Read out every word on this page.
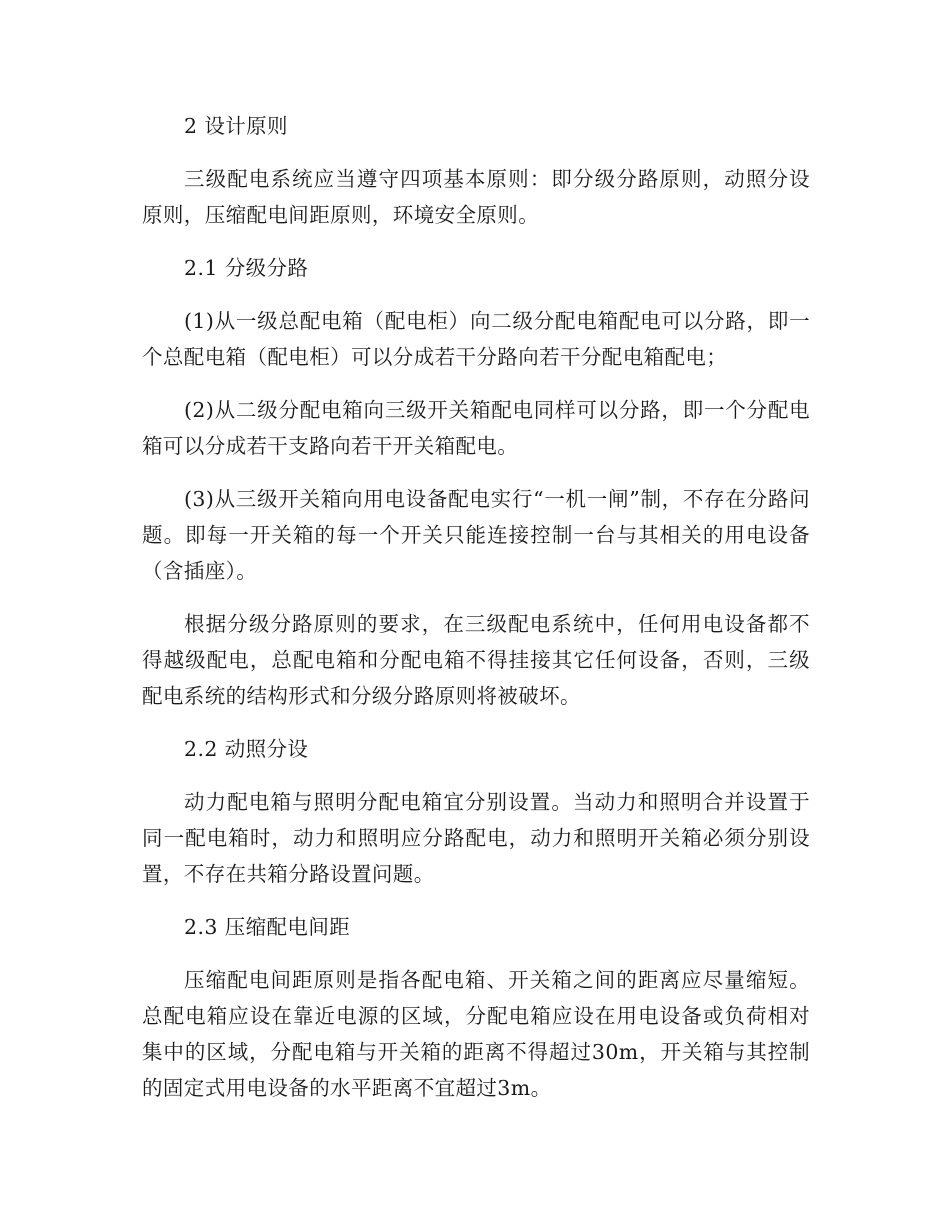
2 设计原则

三级配电系统应当遵守四项基本原则：即分级分路原则，动照分设原则，压缩配电间距原则，环境安全原则。

2.1 分级分路

(1)从一级总配电箱（配电柜）向二级分配电箱配电可以分路，即一个总配电箱（配电柜）可以分成若干分路向若干分配电箱配电；

(2)从二级分配电箱向三级开关箱配电同样可以分路，即一个分配电箱可以分成若干支路向若干开关箱配电。

(3)从三级开关箱向用电设备配电实行“一机一闸”制，不存在分路问题。即每一开关箱的每一个开关只能连接控制一台与其相关的用电设备（含插座）。

根据分级分路原则的要求，在三级配电系统中，任何用电设备都不得越级配电，总配电箱和分配电箱不得挂接其它任何设备，否则，三级配电系统的结构形式和分级分路原则将被破坏。

2.2 动照分设

动力配电箱与照明分配电箱宜分别设置。当动力和照明合并设置于同一配电箱时，动力和照明应分路配电，动力和照明开关箱必须分别设置，不存在共箱分路设置问题。

2.3 压缩配电间距

压缩配电间距原则是指各配电箱、开关箱之间的距离应尽量缩短。总配电箱应设在靠近电源的区域，分配电箱应设在用电设备或负荷相对集中的区域，分配电箱与开关箱的距离不得超过30m，开关箱与其控制的固定式用电设备的水平距离不宜超过3m。
